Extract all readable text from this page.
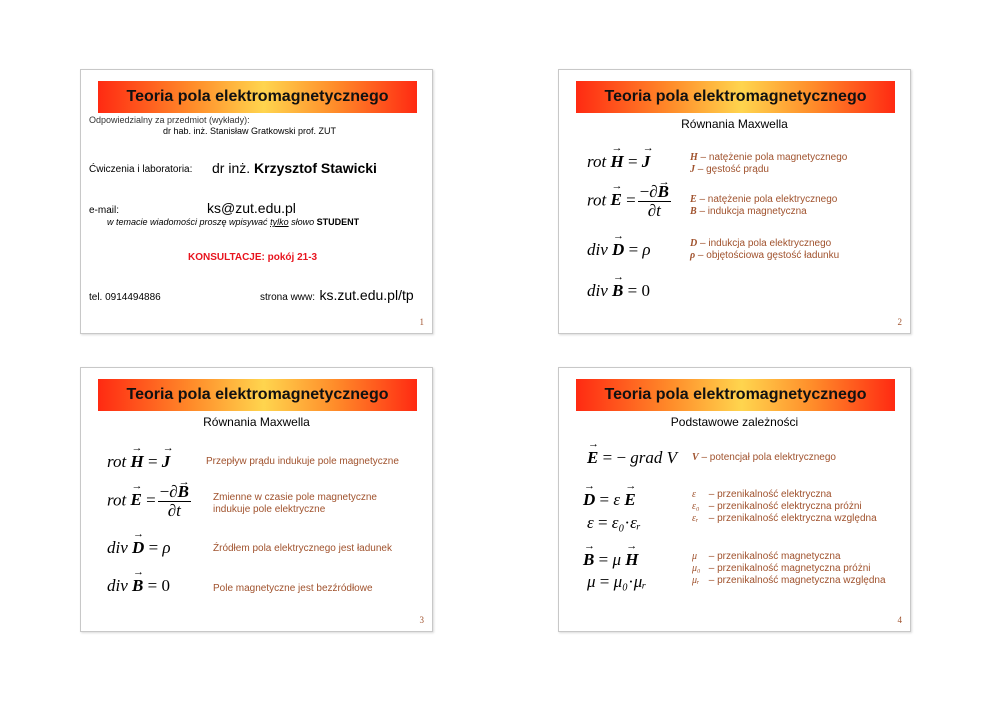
Teoria pola elektromagnetycznego
Odpowiedzialny za przedmiot (wykłady):
dr hab. inż. Stanisław Gratkowski prof. ZUT
Ćwiczenia i laboratoria: dr inż. Krzysztof Stawicki
e-mail:	ks@zut.edu.pl
w temacie wiadomości proszę wpisywać tylko słowo STUDENT
KONSULTACJE: pokój 21-3
tel. 0914494886	strona www: ks.zut.edu.pl/tp
1
Teoria pola elektromagnetycznego
Równania Maxwella
rot → H = → J
rot → $E = \frac{-\partial\to B}{\partial t}$
div → D = ρ
div → B = 0
H – natężenie pola magnetycznego
J – gęstość prądu
E – natężenie pola elektrycznego
B – indukcja magnetyczna
D – indukcja pola elektrycznego
ρ – objętościowa gęstość ładunku
2
Teoria pola elektromagnetycznego
Równania Maxwella
rot → H = → J
rot → $E = \frac{-\partial\to B}{\partial t}$
div → D = ρ
div → B = 0
Przepływ prądu indukuje pole magnetyczne
Zmienne w czasie pole magnetyczne
indukuje pole elektryczne
Źródłem pola elektrycznego jest ładunek
Pole magnetyczne jest bezźródłowe
3
Teoria pola elektromagnetycznego
Podstawowe zależności
→ E = − grad V
→ D = ε → E
ε = ε₀·εᵣ
→ B = μ → H
μ = μ₀·μᵣ
V – potencjał pola elektrycznego
ε – przenikalność elektryczna
ε₀ – przenikalność elektryczna próżni
εᵣ – przenikalność elektryczna względna
μ – przenikalność magnetyczna
μ₀ – przenikalność magnetyczna próżni
μᵣ – przenikalność magnetyczna względna
4
